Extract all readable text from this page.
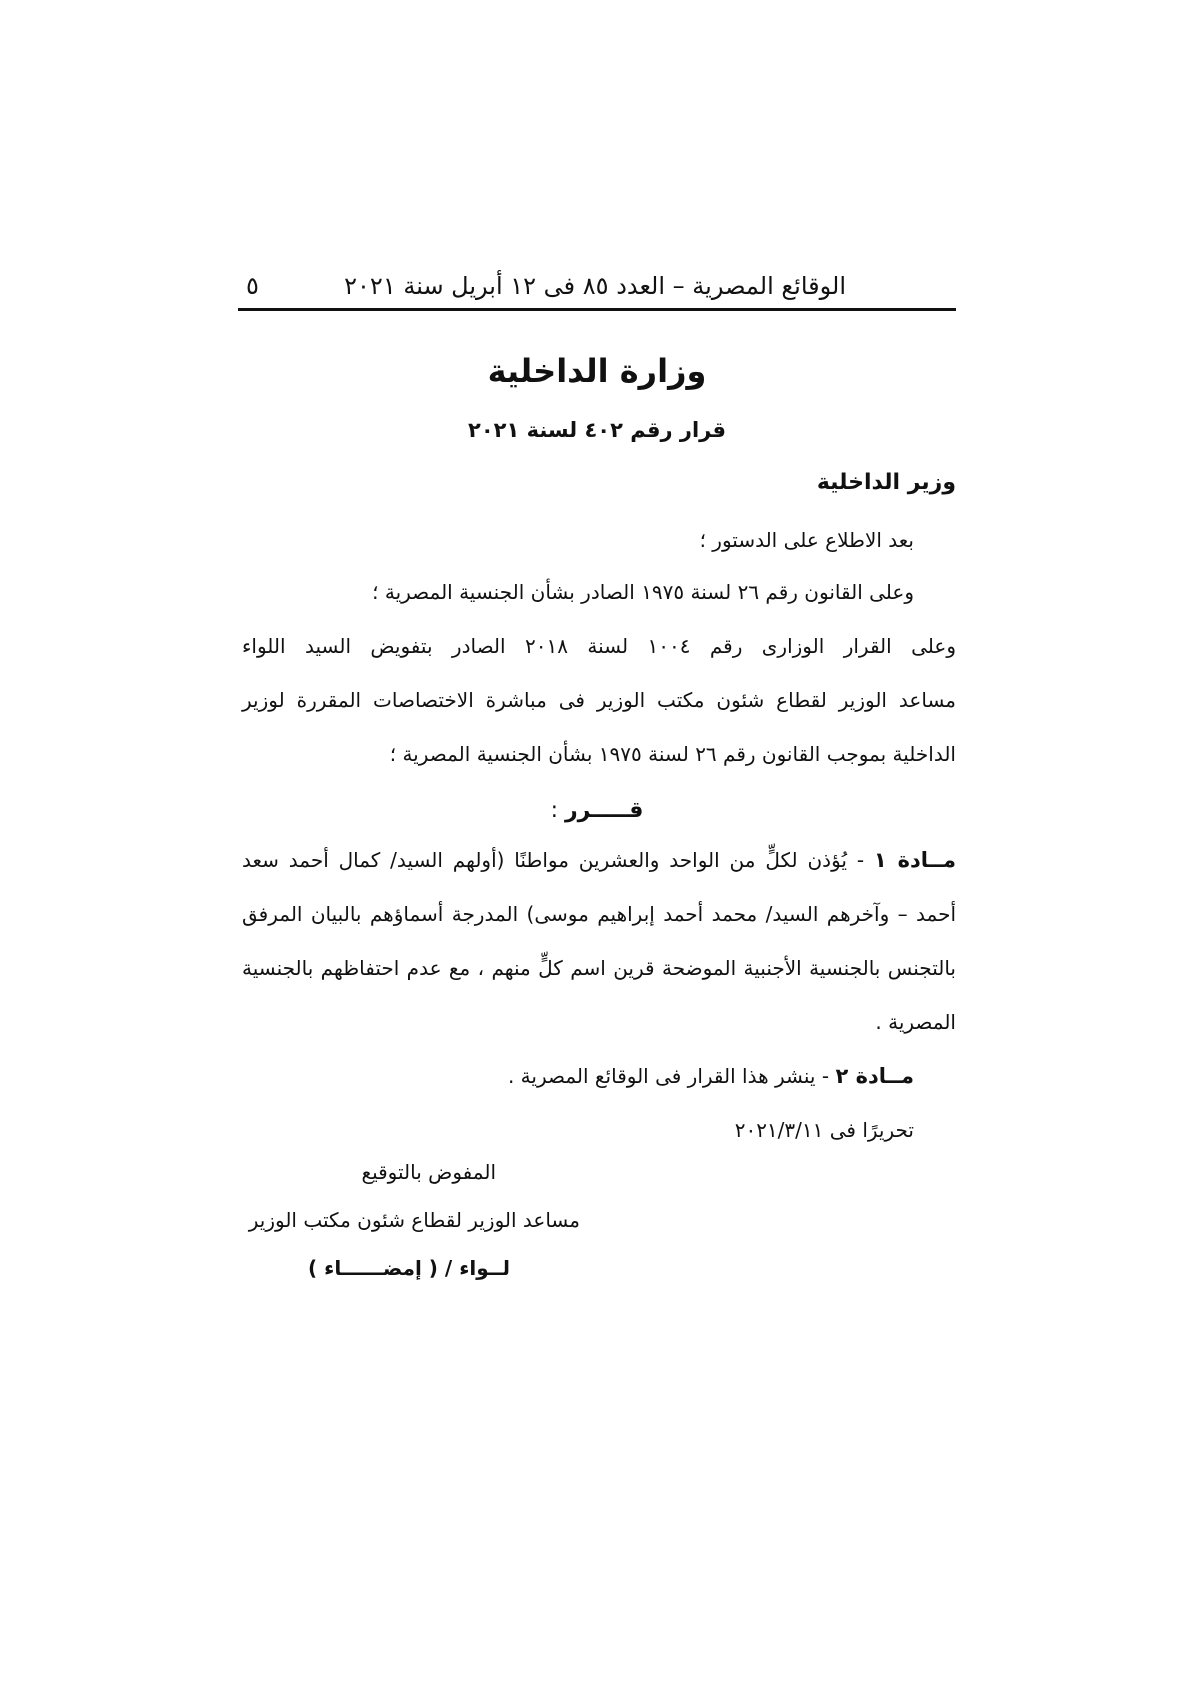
الوقائع المصرية – العدد ٨٥ فى ١٢ أبريل سنة ٢٠٢١
٥
وزارة الداخلية
قرار رقم ٤٠٢ لسنة ٢٠٢١
وزير الداخلية
بعد الاطلاع على الدستور ؛
وعلى القانون رقم ٢٦ لسنة ١٩٧٥ الصادر بشأن الجنسية المصرية ؛
وعلى القرار الوزارى رقم ١٠٠٤ لسنة ٢٠١٨ الصادر بتفويض السيد اللواء
مساعد الوزير لقطاع شئون مكتب الوزير فى مباشرة الاختصاصات المقررة لوزير
الداخلية بموجب القانون رقم ٢٦ لسنة ١٩٧٥ بشأن الجنسية المصرية ؛
قـــــرر :
مــادة ١ - يُؤذن لكلٍّ من الواحد والعشرين مواطنًا (أولهم السيد/ كمال أحمد سعد
أحمد – وآخرهم السيد/ محمد أحمد إبراهيم موسى) المدرجة أسماؤهم بالبيان المرفق
بالتجنس بالجنسية الأجنبية الموضحة قرين اسم كلٍّ منهم ، مع عدم احتفاظهم بالجنسية
المصرية .
مــادة ٢ - ينشر هذا القرار فى الوقائع المصرية .
تحريرًا فى ٢٠٢١/٣/١١
المفوض بالتوقيع
مساعد الوزير لقطاع شئون مكتب الوزير
لــواء / ( إمضــــــاء )
